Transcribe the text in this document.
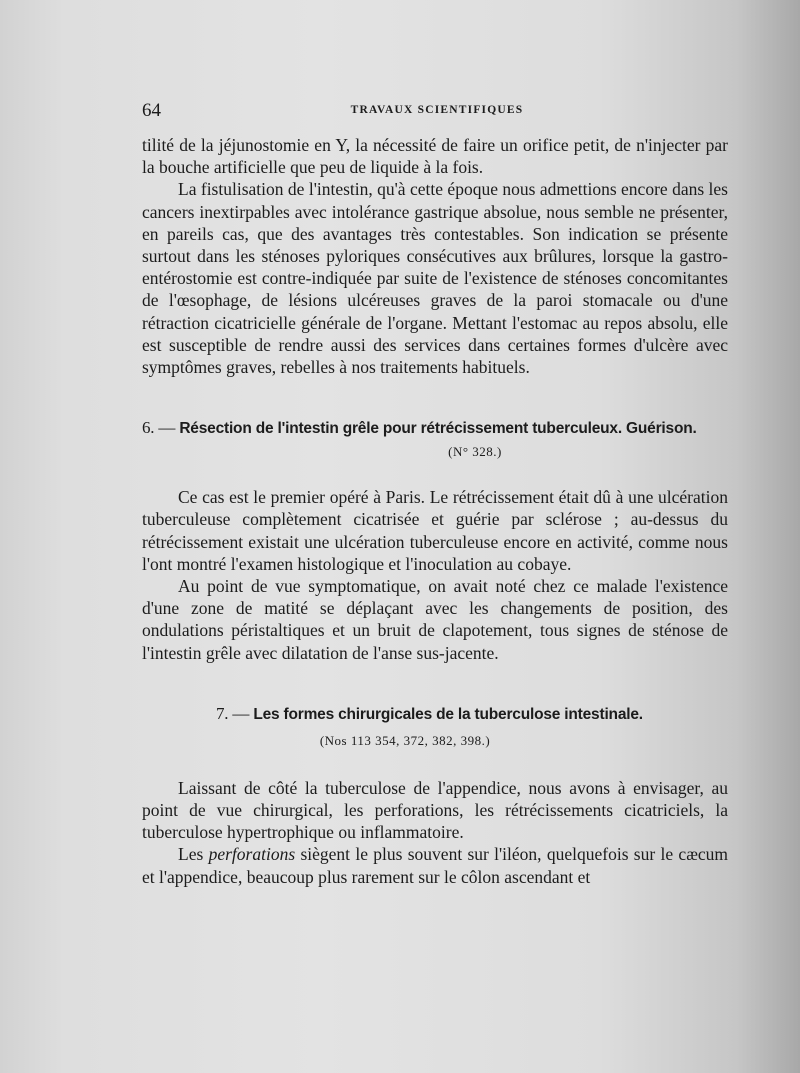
64	TRAVAUX SCIENTIFIQUES

tilité de la jéjunostomie en Y, la nécessité de faire un orifice petit, de n'injecter par la bouche artificielle que peu de liquide à la fois.

La fistulisation de l'intestin, qu'à cette époque nous admettions encore dans les cancers inextirpables avec intolérance gastrique absolue, nous semble ne présenter, en pareils cas, que des avantages très contestables. Son indication se présente surtout dans les sténoses pyloriques consécutives aux brûlures, lorsque la gastro-entérostomie est contre-indiquée par suite de l'existence de sténoses concomitantes de l'œsophage, de lésions ulcéreuses graves de la paroi stomacale ou d'une rétraction cicatricielle générale de l'organe. Mettant l'estomac au repos absolu, elle est susceptible de rendre aussi des services dans certaines formes d'ulcère avec symptômes graves, rebelles à nos traitements habituels.

6. — Résection de l'intestin grêle pour rétrécissement tuberculeux. Guérison.
(N° 328.)

Ce cas est le premier opéré à Paris. Le rétrécissement était dû à une ulcération tuberculeuse complètement cicatrisée et guérie par sclérose ; au-dessus du rétrécissement existait une ulcération tuberculeuse encore en activité, comme nous l'ont montré l'examen histologique et l'inoculation au cobaye.

Au point de vue symptomatique, on avait noté chez ce malade l'existence d'une zone de matité se déplaçant avec les changements de position, des ondulations péristaltiques et un bruit de clapotement, tous signes de sténose de l'intestin grêle avec dilatation de l'anse sus-jacente.

7. — Les formes chirurgicales de la tuberculose intestinale.
(Nos 113 354, 372, 382, 398.)

Laissant de côté la tuberculose de l'appendice, nous avons à envisager, au point de vue chirurgical, les perforations, les rétrécissements cicatriciels, la tuberculose hypertrophique ou inflammatoire.

Les perforations siègent le plus souvent sur l'iléon, quelquefois sur le cæcum et l'appendice, beaucoup plus rarement sur le côlon ascendant et
